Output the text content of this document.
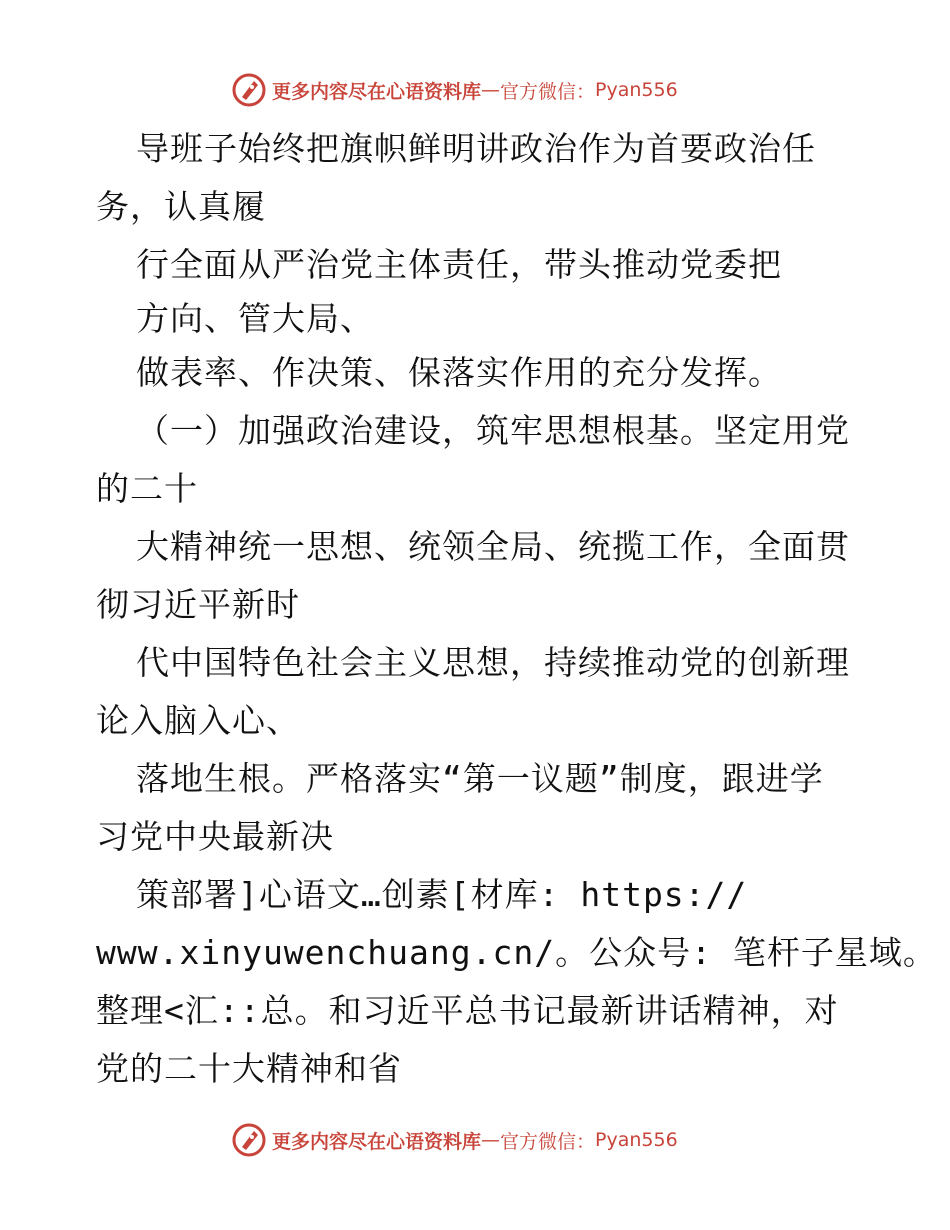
更多内容尽在心语资料库 — 官方微信： Pyan556
导班子始终把旗帜鲜明讲政治作为首要政治任
务，认真履
行全面从严治党主体责任，带头推动党委把
方向、管大局、
做表率、作决策、保落实作用的充分发挥。
（一）加强政治建设，筑牢思想根基。坚定用党
的二十
大精神统一思想、统领全局、统揽工作，全面贯
彻习近平新时
代中国特色社会主义思想，持续推动党的创新理
论入脑入心、
落地生根。严格落实“第一议题”制度，跟进学
习党中央最新决
策部署]心语文…创素[材库: https://
www.xinyuwenchuang.cn/。公众号: 笔杆子星域。
整理<汇::总。和习近平总书记最新讲话精神，对
党的二十大精神和省
更多内容尽在心语资料库 — 官方微信： Pyan556
